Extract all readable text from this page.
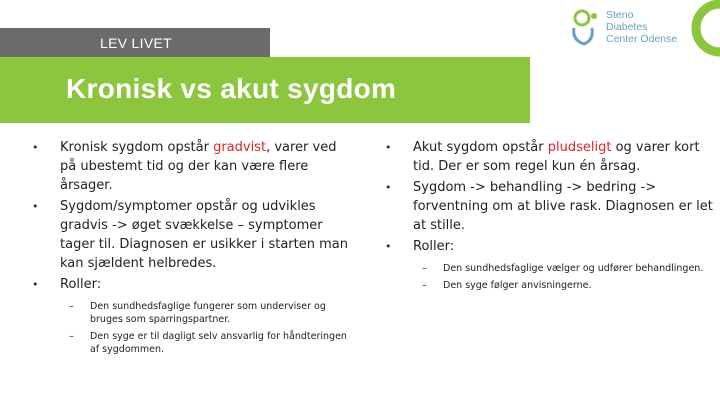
LEV LIVET
Steno
Diabetes
Center Odense
Kronisk vs akut sygdom
• Kronisk sygdom opstår gradvist, varer ved på ubestemt tid og der kan være flere årsager.
• Sygdom/symptomer opstår og udvikles gradvis -> øget svækkelse – symptomer tager til. Diagnosen er usikker i starten man kan sjældent helbredes.
• Roller:
– Den sundhedsfaglige fungerer som underviser og bruges som sparringspartner.
– Den syge er til dagligt selv ansvarlig for håndteringen af sygdommen.
• Akut sygdom opstår pludseligt og varer kort tid. Der er som regel kun én årsag.
• Sygdom -> behandling -> bedring -> forventning om at blive rask. Diagnosen er let at stille.
• Roller:
– Den sundhedsfaglige vælger og udfører behandlingen.
– Den syge følger anvisningerne.
